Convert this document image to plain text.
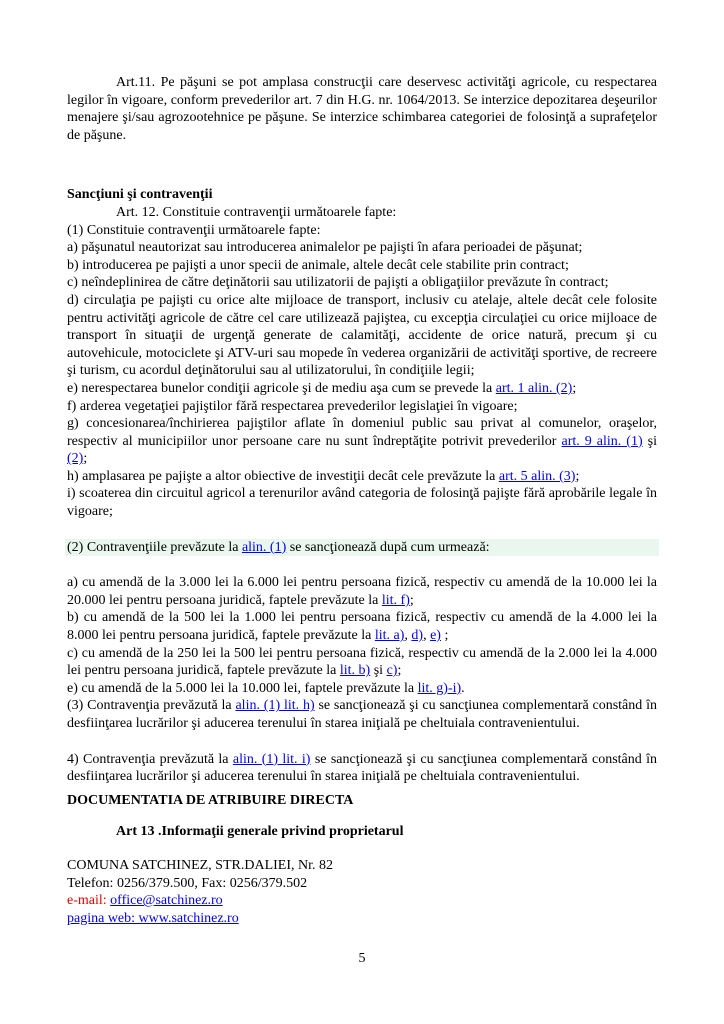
Art.11. Pe păşuni se pot amplasa construcţii care deservesc activităţi agricole, cu respectarea legilor în vigoare, conform prevederilor art. 7 din H.G. nr. 1064/2013. Se interzice depozitarea deşeurilor menajere şi/sau agrozootehnice pe păşune. Se interzice schimbarea categoriei de folosinţă a suprafeţelor de păşune.

Sancţiuni şi contravenţii

Art. 12. Constituie contravenţii următoarele fapte:

(1) Constituie contravenţii următoarele fapte:

a) păşunatul neautorizat sau introducerea animalelor pe pajişti în afara perioadei de păşunat;

b) introducerea pe pajişti a unor specii de animale, altele decât cele stabilite prin contract;

c) neîndeplinirea de către deţinătorii sau utilizatorii de pajişti a obligaţiilor prevăzute în contract;

d) circulaţia pe pajişti cu orice alte mijloace de transport, inclusiv cu atelaje, altele decât cele folosite pentru activităţi agricole de către cel care utilizează pajiştea, cu excepţia circulaţiei cu orice mijloace de transport în situaţii de urgenţă generate de calamităţi, accidente de orice natură, precum şi cu autovehicule, motociclete şi ATV-uri sau mopede în vederea organizării de activităţi sportive, de recreere şi turism, cu acordul deţinătorului sau al utilizatorului, în condiţiile legii;

e) nerespectarea bunelor condiţii agricole şi de mediu aşa cum se prevede la art. 1 alin. (2);

f) arderea vegetaţiei pajiştilor fără respectarea prevederilor legislaţiei în vigoare;

g) concesionarea/închirierea pajiştilor aflate în domeniul public sau privat al comunelor, oraşelor, respectiv al municipiilor unor persoane care nu sunt îndreptăţite potrivit prevederilor art. 9 alin. (1) şi (2);

h) amplasarea pe pajişte a altor obiective de investiţii decât cele prevăzute la art. 5 alin. (3);

i) scoaterea din circuitul agricol a terenurilor având categoria de folosinţă pajişte fără aprobările legale în vigoare;

(2) Contravenţiile prevăzute la alin. (1) se sancţionează după cum urmează:

a) cu amendă de la 3.000 lei la 6.000 lei pentru persoana fizică, respectiv cu amendă de la 10.000 lei la 20.000 lei pentru persoana juridică, faptele prevăzute la lit. f);

b) cu amendă de la 500 lei la 1.000 lei pentru persoana fizică, respectiv cu amendă de la 4.000 lei la 8.000 lei pentru persoana juridică, faptele prevăzute la lit. a), d), e) ;

c) cu amendă de la 250 lei la 500 lei pentru persoana fizică, respectiv cu amendă de la 2.000 lei la 4.000 lei pentru persoana juridică, faptele prevăzute la lit. b) şi c);

e) cu amendă de la 5.000 lei la 10.000 lei, faptele prevăzute la lit. g)-i).

(3) Contravenţia prevăzută la alin. (1) lit. h) se sancţionează şi cu sancţiunea complementară constând în desfiinţarea lucrărilor şi aducerea terenului în starea iniţială pe cheltuiala contravenientului.

4) Contravenţia prevăzută la alin. (1) lit. i) se sancţionează şi cu sancţiunea complementară constând în desfiinţarea lucrărilor şi aducerea terenului în starea iniţială pe cheltuiala contravenientului.

DOCUMENTATIA DE ATRIBUIRE DIRECTA

Art 13 .Informaţii generale privind proprietarul

COMUNA SATCHINEZ, STR.DALIEI, Nr. 82

Telefon: 0256/379.500, Fax: 0256/379.502

e-mail: office@satchinez.ro

pagina web: www.satchinez.ro

5
